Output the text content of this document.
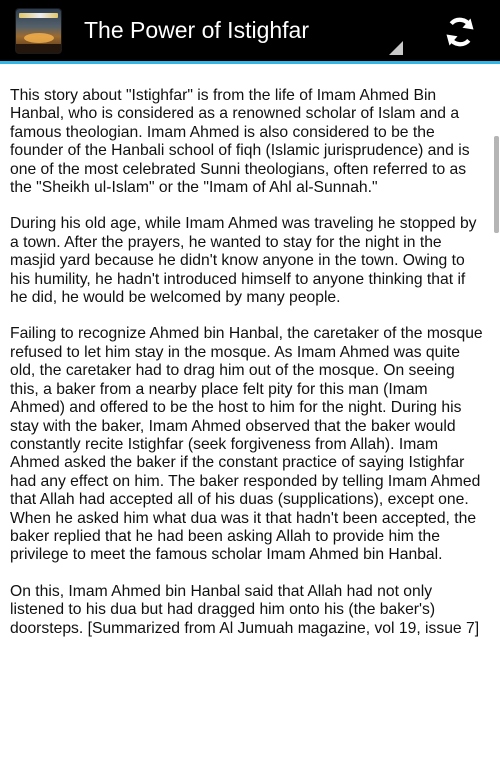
The Power of Istighfar

This story about "Istighfar" is from the life of Imam Ahmed Bin Hanbal, who is considered as a renowned scholar of Islam and a famous theologian. Imam Ahmed is also considered to be the founder of the Hanbali school of fiqh (Islamic jurisprudence) and is one of the most celebrated Sunni theologians, often referred to as the "Sheikh ul-Islam" or the "Imam of Ahl al-Sunnah."

During his old age, while Imam Ahmed was traveling he stopped by a town. After the prayers, he wanted to stay for the night in the masjid yard because he didn't know anyone in the town. Owing to his humility, he hadn't introduced himself to anyone thinking that if he did, he would be welcomed by many people.

Failing to recognize Ahmed bin Hanbal, the caretaker of the mosque refused to let him stay in the mosque. As Imam Ahmed was quite old, the caretaker had to drag him out of the mosque. On seeing this, a baker from a nearby place felt pity for this man (Imam Ahmed) and offered to be the host to him for the night. During his stay with the baker, Imam Ahmed observed that the baker would constantly recite Istighfar (seek forgiveness from Allah). Imam Ahmed asked the baker if the constant practice of saying Istighfar had any effect on him. The baker responded by telling Imam Ahmed that Allah had accepted all of his duas (supplications), except one. When he asked him what dua was it that hadn't been accepted, the baker replied that he had been asking Allah to provide him the privilege to meet the famous scholar Imam Ahmed bin Hanbal.

On this, Imam Ahmed bin Hanbal said that Allah had not only listened to his dua but had dragged him onto his (the baker's) doorsteps. [Summarized from Al Jumuah magazine, vol 19, issue 7]
